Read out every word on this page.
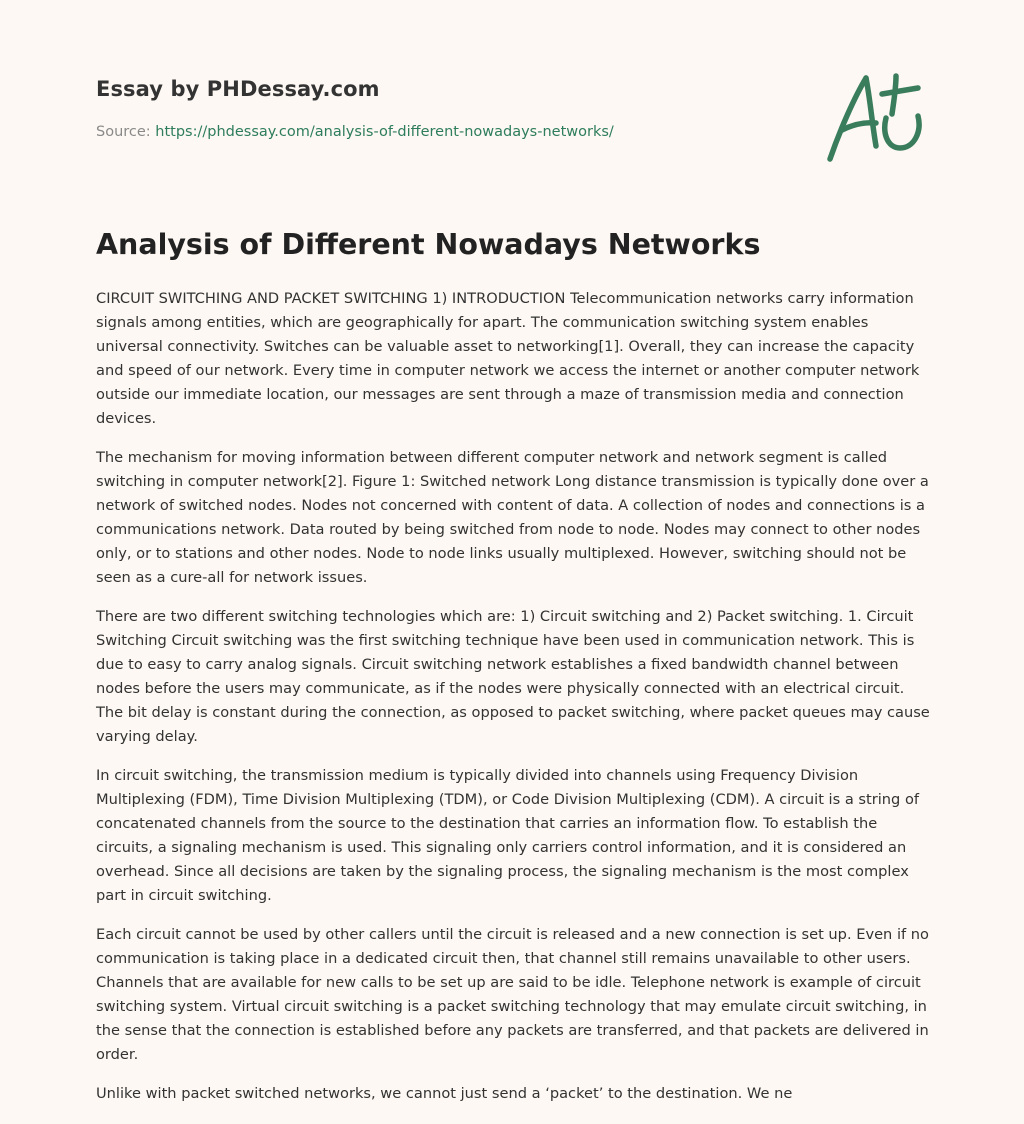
Essay by PHDessay.com
Source: https://phdessay.com/analysis-of-different-nowadays-networks/
Analysis of Different Nowadays Networks

CIRCUIT SWITCHING AND PACKET SWITCHING 1) INTRODUCTION Telecommunication networks carry information signals among entities, which are geographically for apart. The communication switching system enables universal connectivity. Switches can be valuable asset to networking[1]. Overall, they can increase the capacity and speed of our network. Every time in computer network we access the internet or another computer network outside our immediate location, our messages are sent through a maze of transmission media and connection devices.

The mechanism for moving information between different computer network and network segment is called switching in computer network[2]. Figure 1: Switched network Long distance transmission is typically done over a network of switched nodes. Nodes not concerned with content of data. A collection of nodes and connections is a communications network. Data routed by being switched from node to node. Nodes may connect to other nodes only, or to stations and other nodes. Node to node links usually multiplexed. However, switching should not be seen as a cure-all for network issues.

There are two different switching technologies which are: 1) Circuit switching and 2) Packet switching. 1. Circuit Switching Circuit switching was the first switching technique have been used in communication network. This is due to easy to carry analog signals. Circuit switching network establishes a fixed bandwidth channel between nodes before the users may communicate, as if the nodes were physically connected with an electrical circuit. The bit delay is constant during the connection, as opposed to packet switching, where packet queues may cause varying delay.

In circuit switching, the transmission medium is typically divided into channels using Frequency Division Multiplexing (FDM), Time Division Multiplexing (TDM), or Code Division Multiplexing (CDM). A circuit is a string of concatenated channels from the source to the destination that carries an information flow. To establish the circuits, a signaling mechanism is used. This signaling only carriers control information, and it is considered an overhead. Since all decisions are taken by the signaling process, the signaling mechanism is the most complex part in circuit switching.

Each circuit cannot be used by other callers until the circuit is released and a new connection is set up. Even if no communication is taking place in a dedicated circuit then, that channel still remains unavailable to other users. Channels that are available for new calls to be set up are said to be idle. Telephone network is example of circuit switching system. Virtual circuit switching is a packet switching technology that may emulate circuit switching, in the sense that the connection is established before any packets are transferred, and that packets are delivered in order.

Unlike with packet switched networks, we cannot just send a ‘packet’ to the destination. We ne
